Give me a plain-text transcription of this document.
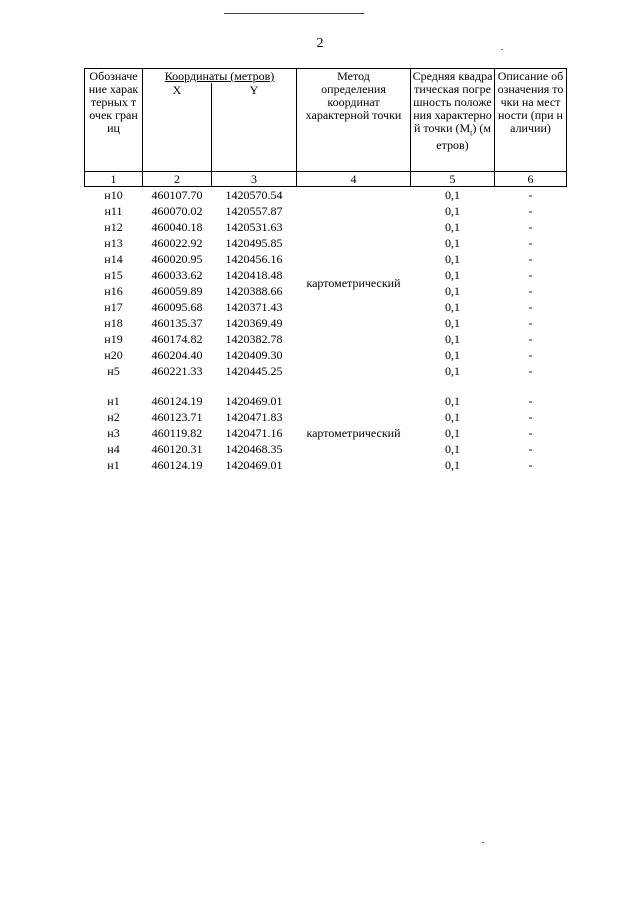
2
Обозначение характерных точек границ	Координаты (метров)		Метод определения координат характерной точки	Средняя квадратическая погрешность положения характерной точки $(M_t)$ (метров)	Описание обозначения точки на местности (при наличии)

	X	Y			
1	2	3	4	5	6
н10	460107.70	1420570.54	картометрический	0,1	-
н11	460070.02	1420557.87		0,1	-
н12	460040.18	1420531.63		0,1	-
н13	460022.92	1420495.85		0,1	-
н14	460020.95	1420456.16		0,1	-
н15	460033.62	1420418.48		0,1	-
н16	460059.89	1420388.66		0,1	-
н17	460095.68	1420371.43		0,1	-
н18	460135.37	1420369.49		0,1	-
н19	460174.82	1420382.78		0,1	-
н20	460204.40	1420409.30		0,1	-
н5	460221.33	1420445.25		0,1	-

н1	460124.19	1420469.01	картометрический	0,1	-
н2	460123.71	1420471.83		0,1	-
н3	460119.82	1420471.16		0,1	-
н4	460120.31	1420468.35		0,1	-
н1	460124.19	1420469.01		0,1	-
